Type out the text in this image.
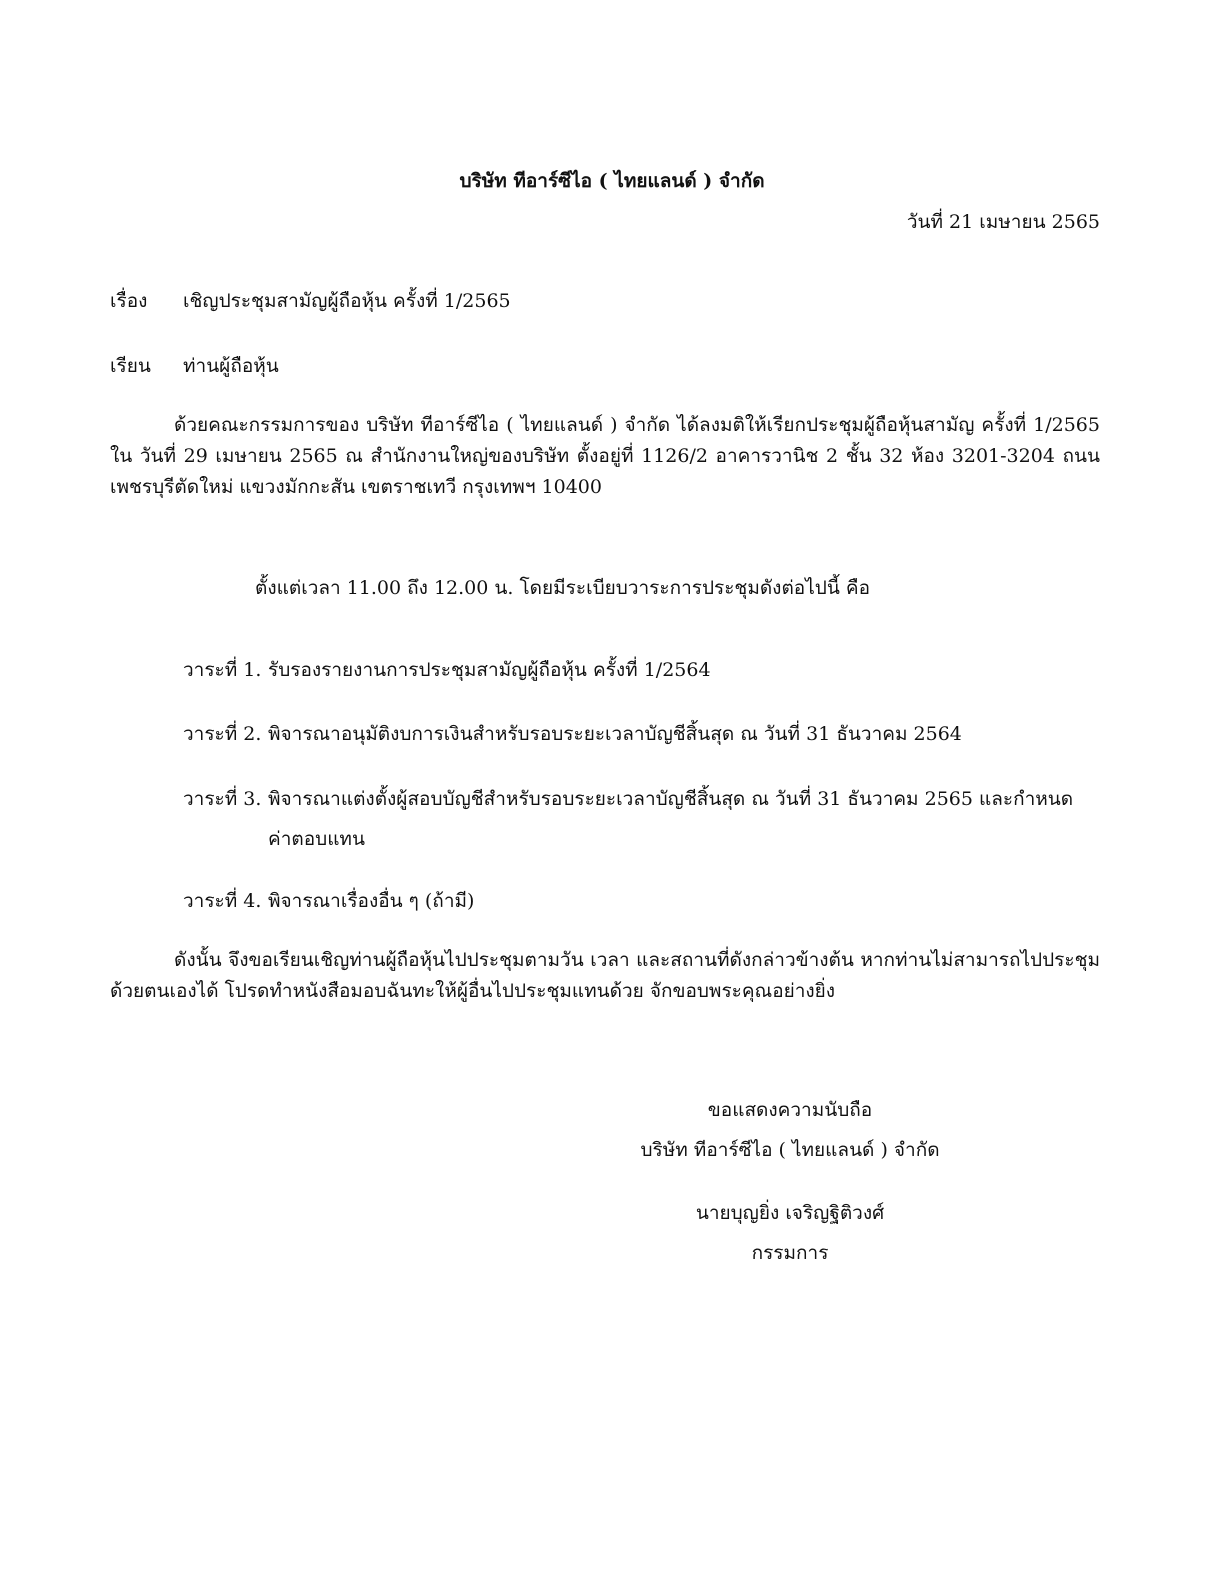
บริษัท ทีอาร์ซีไอ ( ไทยแลนด์ ) จำกัด
วันที่ 21 เมษายน 2565
เรื่อง เชิญประชุมสามัญผู้ถือหุ้น ครั้งที่ 1/2565
เรียน ท่านผู้ถือหุ้น
ด้วยคณะกรรมการของ บริษัท ทีอาร์ซีไอ ( ไทยแลนด์ ) จำกัด ได้ลงมติให้เรียกประชุมผู้ถือหุ้นสามัญ ครั้งที่ 1/2565 ใน วันที่ 29 เมษายน 2565 ณ สำนักงานใหญ่ของบริษัท ตั้งอยู่ที่ 1126/2 อาคารวานิช 2 ชั้น 32 ห้อง 3201-3204 ถนนเพชรบุรีตัดใหม่ แขวงมักกะสัน เขตราชเทวี กรุงเทพฯ 10400
ตั้งแต่เวลา 11.00 ถึง 12.00 น. โดยมีระเบียบวาระการประชุมดังต่อไปนี้ คือ
วาระที่ 1. รับรองรายงานการประชุมสามัญผู้ถือหุ้น ครั้งที่ 1/2564
วาระที่ 2. พิจารณาอนุมัติงบการเงินสำหรับรอบระยะเวลาบัญชีสิ้นสุด ณ วันที่ 31 ธันวาคม 2564
วาระที่ 3. พิจารณาแต่งตั้งผู้สอบบัญชีสำหรับรอบระยะเวลาบัญชีสิ้นสุด ณ วันที่ 31 ธันวาคม 2565 และกำหนด
ค่าตอบแทน
วาระที่ 4. พิจารณาเรื่องอื่น ๆ (ถ้ามี)
ดังนั้น จึงขอเรียนเชิญท่านผู้ถือหุ้นไปประชุมตามวัน เวลา และสถานที่ดังกล่าวข้างต้น หากท่านไม่สามารถไปประชุมด้วยตนเองได้ โปรดทำหนังสือมอบฉันทะให้ผู้อื่นไปประชุมแทนด้วย จักขอบพระคุณอย่างยิ่ง
ขอแสดงความนับถือ
บริษัท ทีอาร์ซีไอ ( ไทยแลนด์ ) จำกัด
นายบุญยิ่ง เจริญฐิติวงศ์
กรรมการ
